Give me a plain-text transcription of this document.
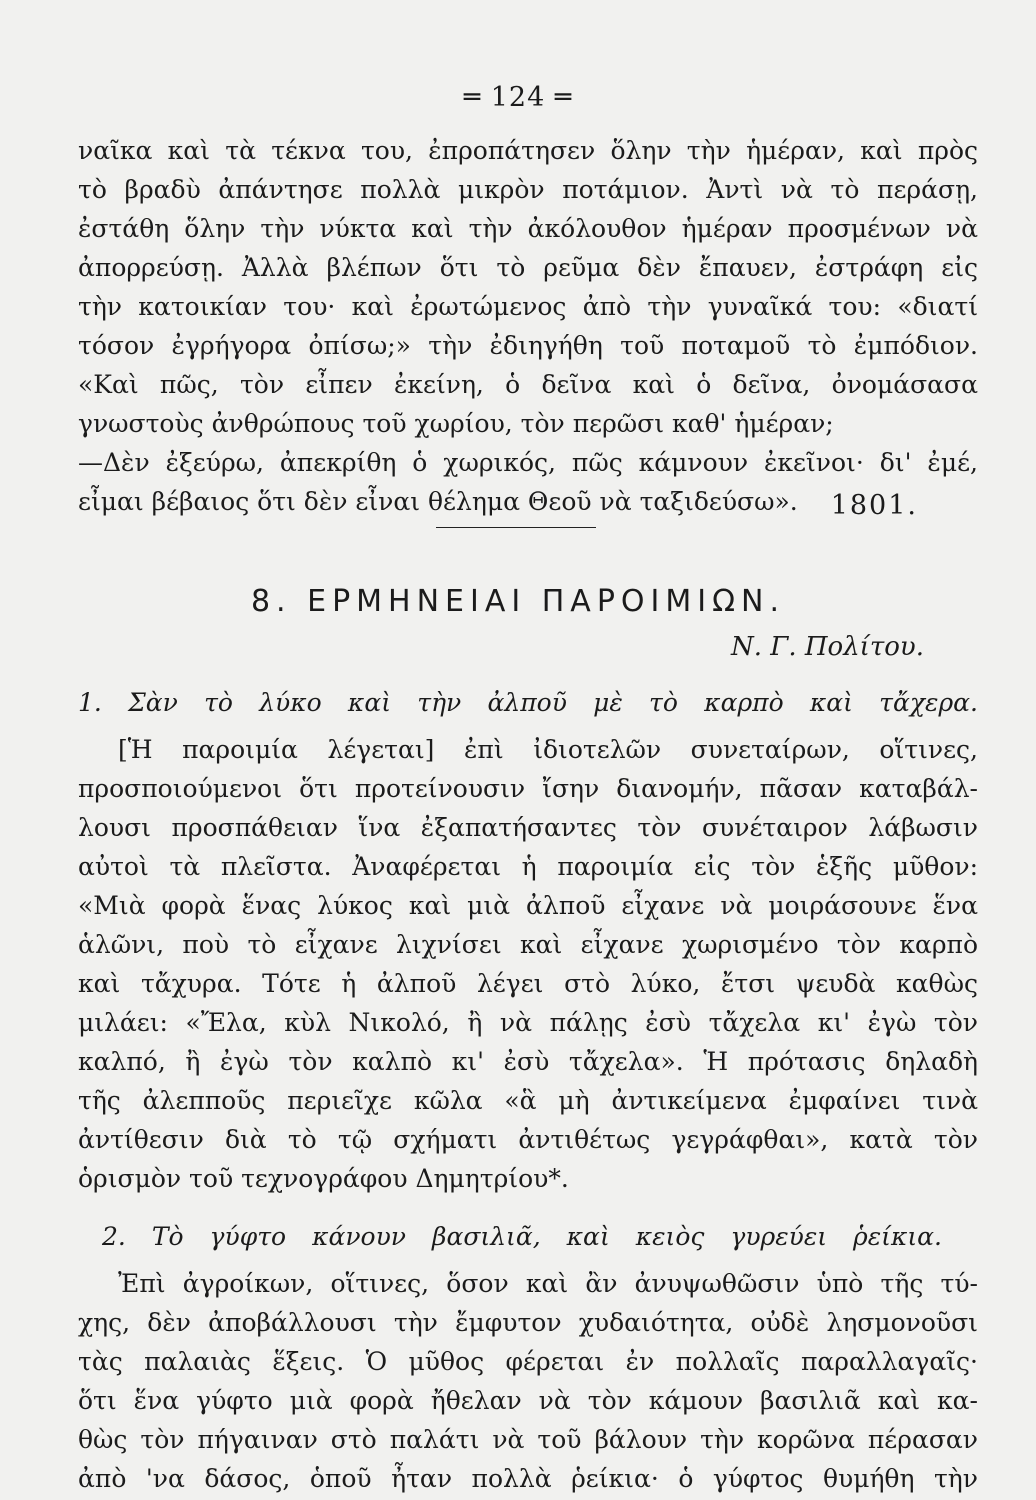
═ 124 ═
ναῖκα καὶ τὰ τέκνα του, ἐπροπάτησεν ὅλην τὴν ἡμέραν, καὶ πρὸς
τὸ βραδὺ ἀπάντησε πολλὰ μικρὸν ποτάμιον. Ἀντὶ νὰ τὸ περάσῃ,
ἐστάθη ὅλην τὴν νύκτα καὶ τὴν ἀκόλουθον ἡμέραν προσμένων νὰ
ἀπορρεύσῃ. Ἀλλὰ βλέπων ὅτι τὸ ρεῦμα δὲν ἔπαυεν, ἐστράφη εἰς
τὴν κατοικίαν του· καὶ ἐρωτώμενος ἀπὸ τὴν γυναῖκά του: «διατί
τόσον ἐγρήγορα ὀπίσω;» τὴν ἐδιηγήθη τοῦ ποταμοῦ τὸ ἐμπόδιον.
«Καὶ πῶς, τὸν εἶπεν ἐκείνη, ὁ δεῖνα καὶ ὁ δεῖνα, ὀνομάσασα
γνωστοὺς ἀνθρώπους τοῦ χωρίου, τὸν περῶσι καθ' ἡμέραν;
—Δὲν ἐξεύρω, ἀπεκρίθη ὁ χωρικός, πῶς κάμνουν ἐκεῖνοι· δι' ἐμέ,
εἶμαι βέβαιος ὅτι δὲν εἶναι θέλημα Θεοῦ νὰ ταξιδεύσω».	1801.
8. ΕΡΜΗΝΕΙΑΙ ΠΑΡΟΙΜΙΩΝ.
Ν. Γ. Πολίτου.
1. Σὰν τὸ λύκο καὶ τὴν ἀλποῦ μὲ τὸ καρπὸ καὶ τἄχερα.
[Ἡ παροιμία λέγεται] ἐπὶ ἰδιοτελῶν συνεταίρων, οἵτινες,
προσποιούμενοι ὅτι προτείνουσιν ἴσην διανομήν, πᾶσαν καταβάλ-
λουσι προσπάθειαν ἵνα ἐξαπατήσαντες τὸν συνέταιρον λάβωσιν
αὐτοὶ τὰ πλεῖστα. Ἀναφέρεται ἡ παροιμία εἰς τὸν ἑξῆς μῦθον:
«Μιὰ φορὰ ἕνας λύκος καὶ μιὰ ἀλποῦ εἶχανε νὰ μοιράσουνε ἕνα
ἁλῶνι, ποὺ τὸ εἶχανε λιχνίσει καὶ εἶχανε χωρισμένο τὸν καρπὸ
καὶ τἄχυρα. Τότε ἡ ἀλποῦ λέγει στὸ λύκο, ἔτσι ψευδὰ καθὼς
μιλάει: «Ἔλα, κὺλ Νικολό, ἢ νὰ πάλῃς ἐσὺ τἄχελα κι' ἐγὼ τὸν
καλπό, ἢ ἐγὼ τὸν καλπὸ κι' ἐσὺ τἄχελα». Ἡ πρότασις δηλαδὴ
τῆς ἀλεπποῦς περιεῖχε κῶλα «ἃ μὴ ἀντικείμενα ἐμφαίνει τινὰ
ἀντίθεσιν διὰ τὸ τῷ σχήματι ἀντιθέτως γεγράφθαι», κατὰ τὸν
ὁρισμὸν τοῦ τεχνογράφου Δημητρίου*.
2. Τὸ γύφτο κάνουν βασιλιᾶ, καὶ κειὸς γυρεύει ῥείκια.
Ἐπὶ ἀγροίκων, οἵτινες, ὅσον καὶ ἂν ἀνυψωθῶσιν ὑπὸ τῆς τύ-
χης, δὲν ἀποβάλλουσι τὴν ἔμφυτον χυδαιότητα, οὐδὲ λησμονοῦσι
τὰς παλαιὰς ἕξεις. Ὁ μῦθος φέρεται ἐν πολλαῖς παραλλαγαῖς·
ὅτι ἕνα γύφτο μιὰ φορὰ ἤθελαν νὰ τὸν κάμουν βασιλιᾶ καὶ κα-
θὼς τὸν πήγαιναν στὸ παλάτι νὰ τοῦ βάλουν τὴν κορῶνα πέρασαν
ἀπὸ 'να δάσος, ὁποῦ ἦταν πολλὰ ῥείκια· ὁ γύφτος θυμήθη τὴν
